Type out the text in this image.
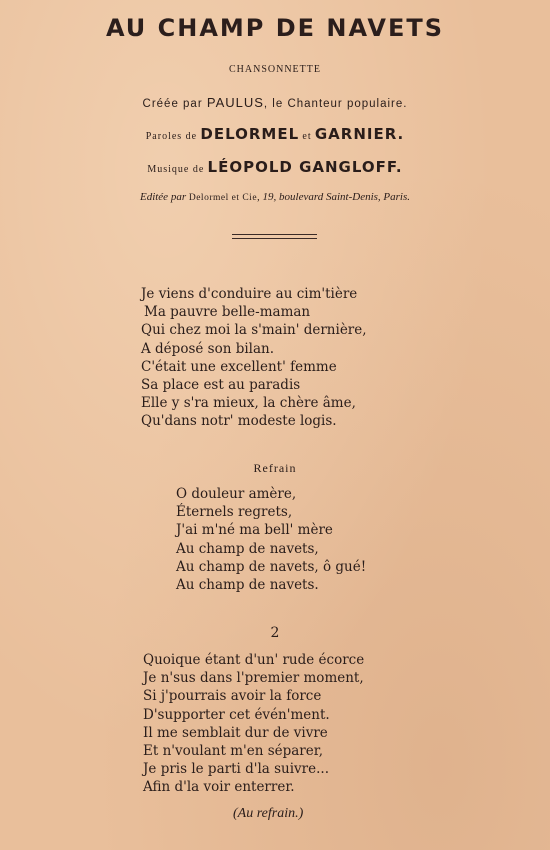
AU CHAMP DE NAVETS
CHANSONNETTE
Créée par PAULUS, le Chanteur populaire.
Paroles de DELORMEL et GARNIER.
Musique de LÉOPOLD GANGLOFF.
Editée par Delormel et Cie, 19, boulevard Saint-Denis, Paris.
Je viens d'conduire au cim'tière
Ma pauvre belle-maman
Qui chez moi la s'main' dernière,
A déposé son bilan.
C'était une excellent' femme
Sa place est au paradis
Elle y s'ra mieux, la chère âme,
Qu'dans notr' modeste logis.
Refrain
O douleur amère,
Éternels regrets,
J'ai m'né ma bell' mère
Au champ de navets,
Au champ de navets, ô gué!
Au champ de navets.
2
Quoique étant d'un' rude écorce
Je n'sus dans l'premier moment,
Si j'pourrais avoir la force
D'supporter cet évén'ment.
Il me semblait dur de vivre
Et n'voulant m'en séparer,
Je pris le parti d'la suivre...
Afin d'la voir enterrer.
(Au refrain.)
